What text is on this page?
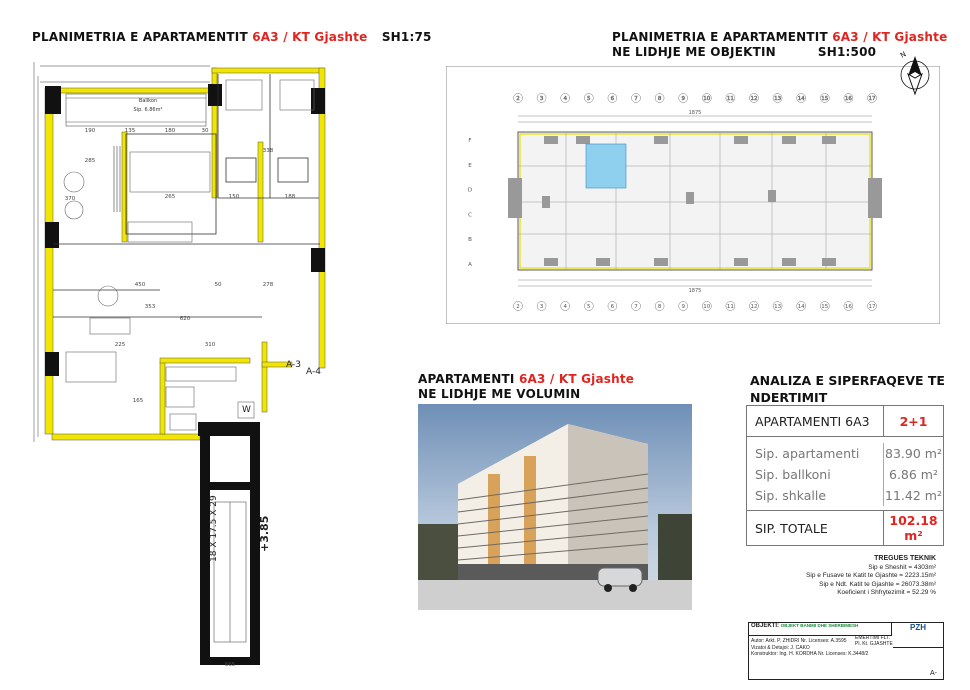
PLANIMETRIA E APARTAMENTIT 6A3 / KT Gjashte SH1:75	PLANIMETRIA E APARTAMENTIT 6A3 / KT Gjashte
NE LIDHJE ME OBJEKTIN	SH1:500
APARTAMENTI 6A3 / KT Gjashte
NE LIDHJE ME VOLUMIN
Ballkon
Sip. 6.86m²
18 X 17.5 X 29	+3.85
A-3
A-4
W
190	135	180	30
265
370
285
150	188
338
450	50	278
620
310
225
165
353
665
2	3	4	5	6	7	8	9	10	11	12	13	14	15	16	17
1875
1875
2	3	4	5	6	7	8	9	10	11	12	13	14	15	16	17
F
E
D
C
B
A
N
ANALIZA E SIPERFAQEVE TE
NDERTIMIT
APARTAMENTI 6A3	2+1
Sip. apartamenti	83.90 m²
Sip. ballkoni	6.86 m²
Sip. shkalle	11.42 m²
SIP. TOTALE	102.18 m²
TREGUES TEKNIK
Sip e Sheshit = 4303m²
Sip e Fusave te Katit te Gjashte = 2223.15m²
Sip e Ndt. Katit te Gjashte = 26073.38m²
Koeficient i Shfrytezimit = 52.29 %
OBJEKTI: OBJEKT BANIMI DHE SHERBIMESH	PZH
Autor: Arkt. P. ZHIDRI Nr. Licenses: A.3595
Vizatoi & Detajoi: J. CAKO
Konstruktor: Ing. H. KORDHA Nr. Licenses: K.3448/2
EMERTIMI FLT.
Pl. Kt. GJASHTE
A-
